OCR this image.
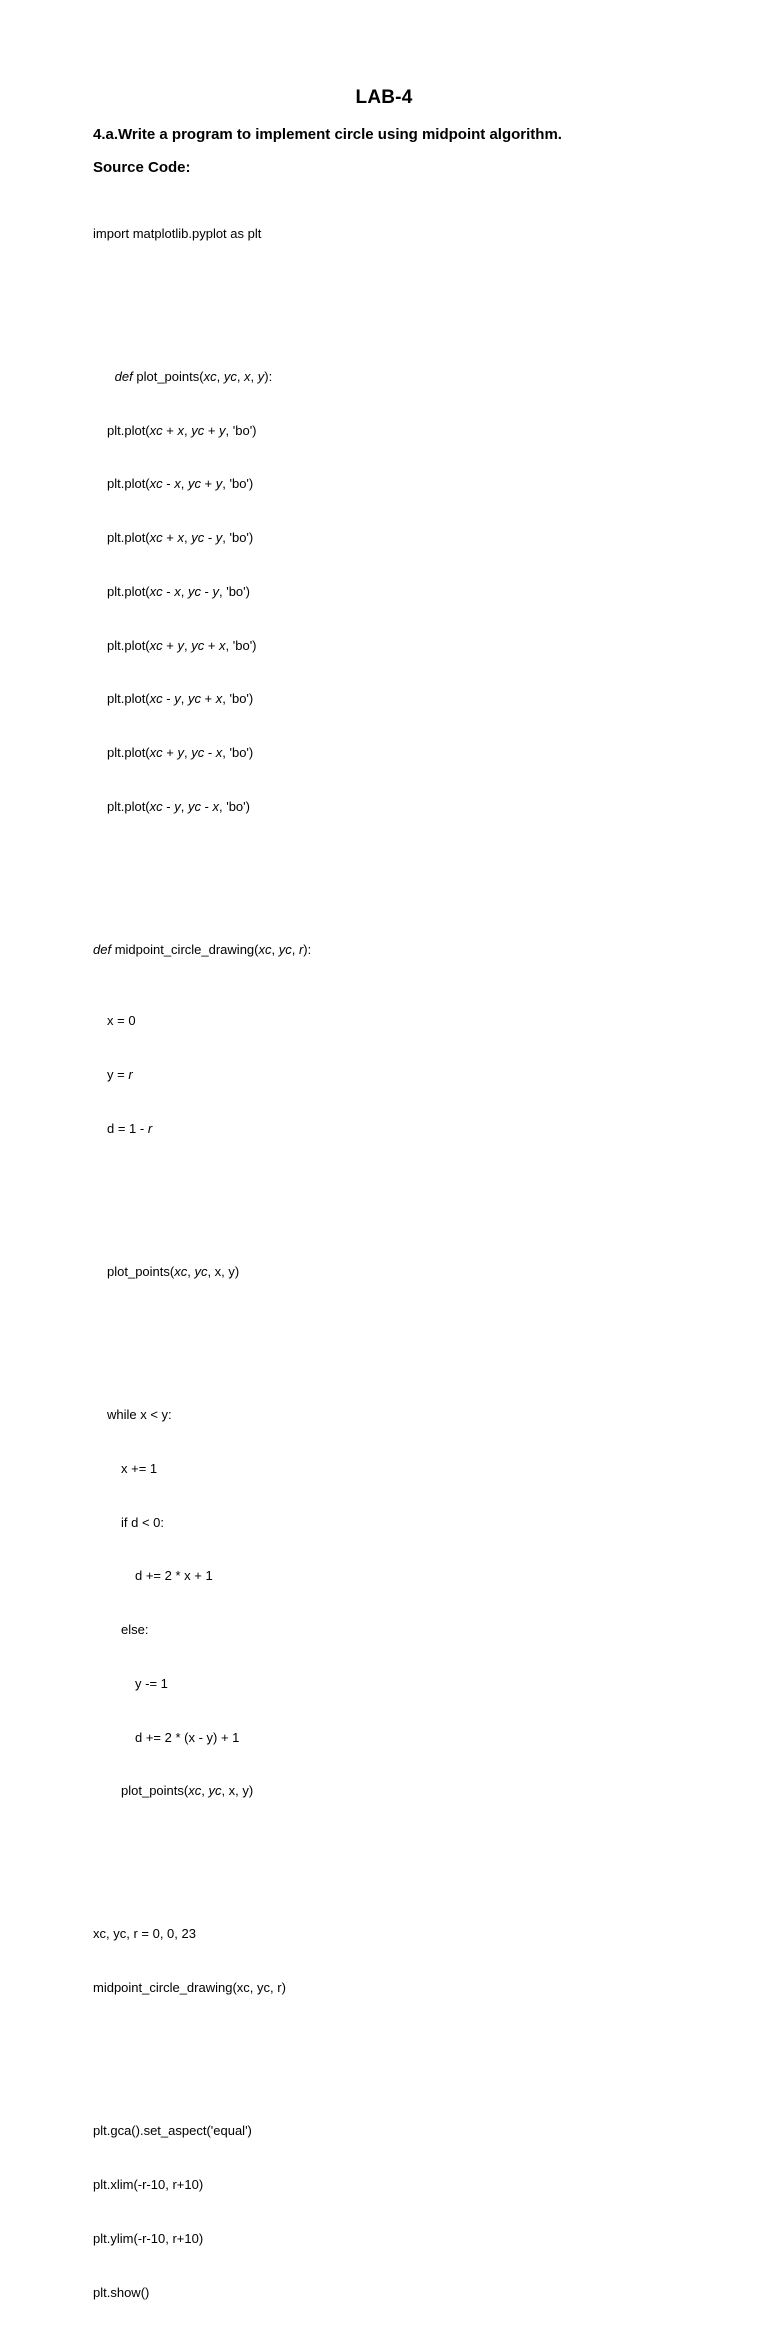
LAB-4
4.a.Write a program to implement circle using midpoint algorithm.
Source Code:

import matplotlib.pyplot as plt

def plot_points(xc, yc, x, y):

plt.plot(xc + x, yc + y, 'bo')

plt.plot(xc - x, yc + y, 'bo')

plt.plot(xc + x, yc - y, 'bo')

plt.plot(xc - x, yc - y, 'bo')

plt.plot(xc + y, yc + x, 'bo')

plt.plot(xc - y, yc + x, 'bo')

plt.plot(xc + y, yc - x, 'bo')

plt.plot(xc - y, yc - x, 'bo')

def midpoint_circle_drawing(xc, yc, r):

x = 0

y = r

d = 1 - r

plot_points(xc, yc, x, y)

while x < y:

x += 1

if d < 0:

d += 2 * x + 1

else:

y -= 1

d += 2 * (x - y) + 1

plot_points(xc, yc, x, y)

xc, yc, r = 0, 0, 23

midpoint_circle_drawing(xc, yc, r)

plt.gca().set_aspect('equal')

plt.xlim(-r-10, r+10)

plt.ylim(-r-10, r+10)

plt.show()
